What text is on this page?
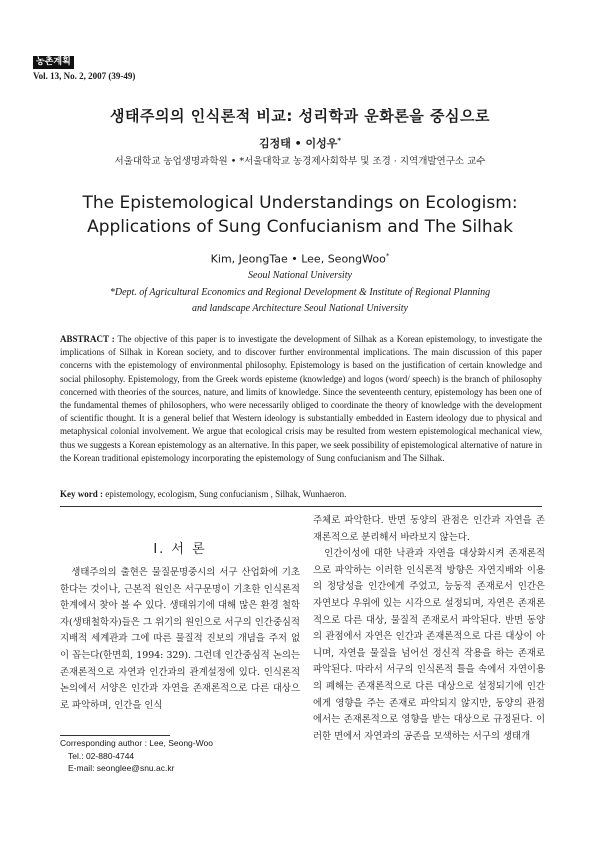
농촌계획
Vol. 13, No. 2, 2007 (39-49)
생태주의의 인식론적 비교: 성리학과 운화론을 중심으로
김정태 • 이성우*
서울대학교 농업생명과학원 • *서울대학교 농경제사회학부 및 조경 · 지역개발연구소 교수
The Epistemological Understandings on Ecologism:
Applications of Sung Confucianism and The Silhak
Kim, JeongTae • Lee, SeongWoo*
Seoul National University
*Dept. of Agricultural Economics and Regional Development & Institute of Regional Planning
and landscape Architecture Seoul National University
ABSTRACT : The objective of this paper is to investigate the development of Silhak as a Korean epistemology, to investigate the implications of Silhak in Korean society, and to discover further environmental implications. The main discussion of this paper concerns with the epistemology of environmental philosophy. Epistemology is based on the justification of certain knowledge and social philosophy. Epistemology, from the Greek words episteme (knowledge) and logos (word/ speech) is the branch of philosophy concerned with theories of the sources, nature, and limits of knowledge. Since the seventeenth century, epistemology has been one of the fundamental themes of philosophers, who were necessarily obliged to coordinate the theory of knowledge with the development of scientific thought. It is a general belief that Western ideology is substantially embedded in Eastern ideology due to physical and metaphysical colonial involvement. We argue that ecological crisis may be resulted from western epistemological mechanical view, thus we suggests a Korean epistemology as an alternative. In this paper, we seek possibility of epistemological alternative of nature in the Korean traditional epistemology incorporating the epistemology of Sung confucianism and The Silhak.
Key word : epistemology, ecologism, Sung confucianism , Silhak, Wunhaeron.
I. 서 론

생태주의의 출현은 물질문명중시의 서구 산업화에 기초한다는 것이나, 근본적 원인은 서구문명이 기초한 인식론적 한계에서 찾아 볼 수 있다. 생태위기에 대해 많은 환경 철학자(생태철학자)들은 그 위기의 원인으로 서구의 인간중심적 지배적 세계관과 그에 따른 물질적 진보의 개념을 주저 없이 꼽는다(한면희, 1994: 329). 그런데 인간중심적 논의는 존재론적으로 자연과 인간과의 관계설정에 있다. 인식론적 논의에서 서양은 인간과 자연을 존재론적으로 다른 대상으로 파악하며, 인간을 인식

주체로 파악한다. 반면 동양의 관점은 인간과 자연을 존재론적으로 분리해서 바라보지 않는다.

인간이성에 대한 낙관과 자연을 대상화시켜 존재론적으로 파악하는 이러한 인식론적 방향은 자연지배와 이용의 정당성을 인간에게 주었고, 능동적 존재로서 인간은 자연보다 우위에 있는 시각으로 설정되며, 자연은 존재론적으로 다른 대상, 물질적 존재로서 파악된다. 반면 동양의 관점에서 자연은 인간과 존재론적으로 다른 대상이 아니며, 자연을 물질을 넘어선 정신적 작용을 하는 존재로 파악된다. 따라서 서구의 인식론적 틀을 속에서 자연이용의 폐해는 존재론적으로 다른 대상으로 설정되기에 인간에게 영향을 주는 존재로 파악되지 않지만, 동양의 관점에서는 존재론적으로 영향을 받는 대상으로 규정된다. 이러한 면에서 자연과의 공존을 모색하는 서구의 생태개

Corresponding author : Lee, Seong-Woo
Tel.: 02-880-4744
E-mail: seonglee@snu.ac.kr
